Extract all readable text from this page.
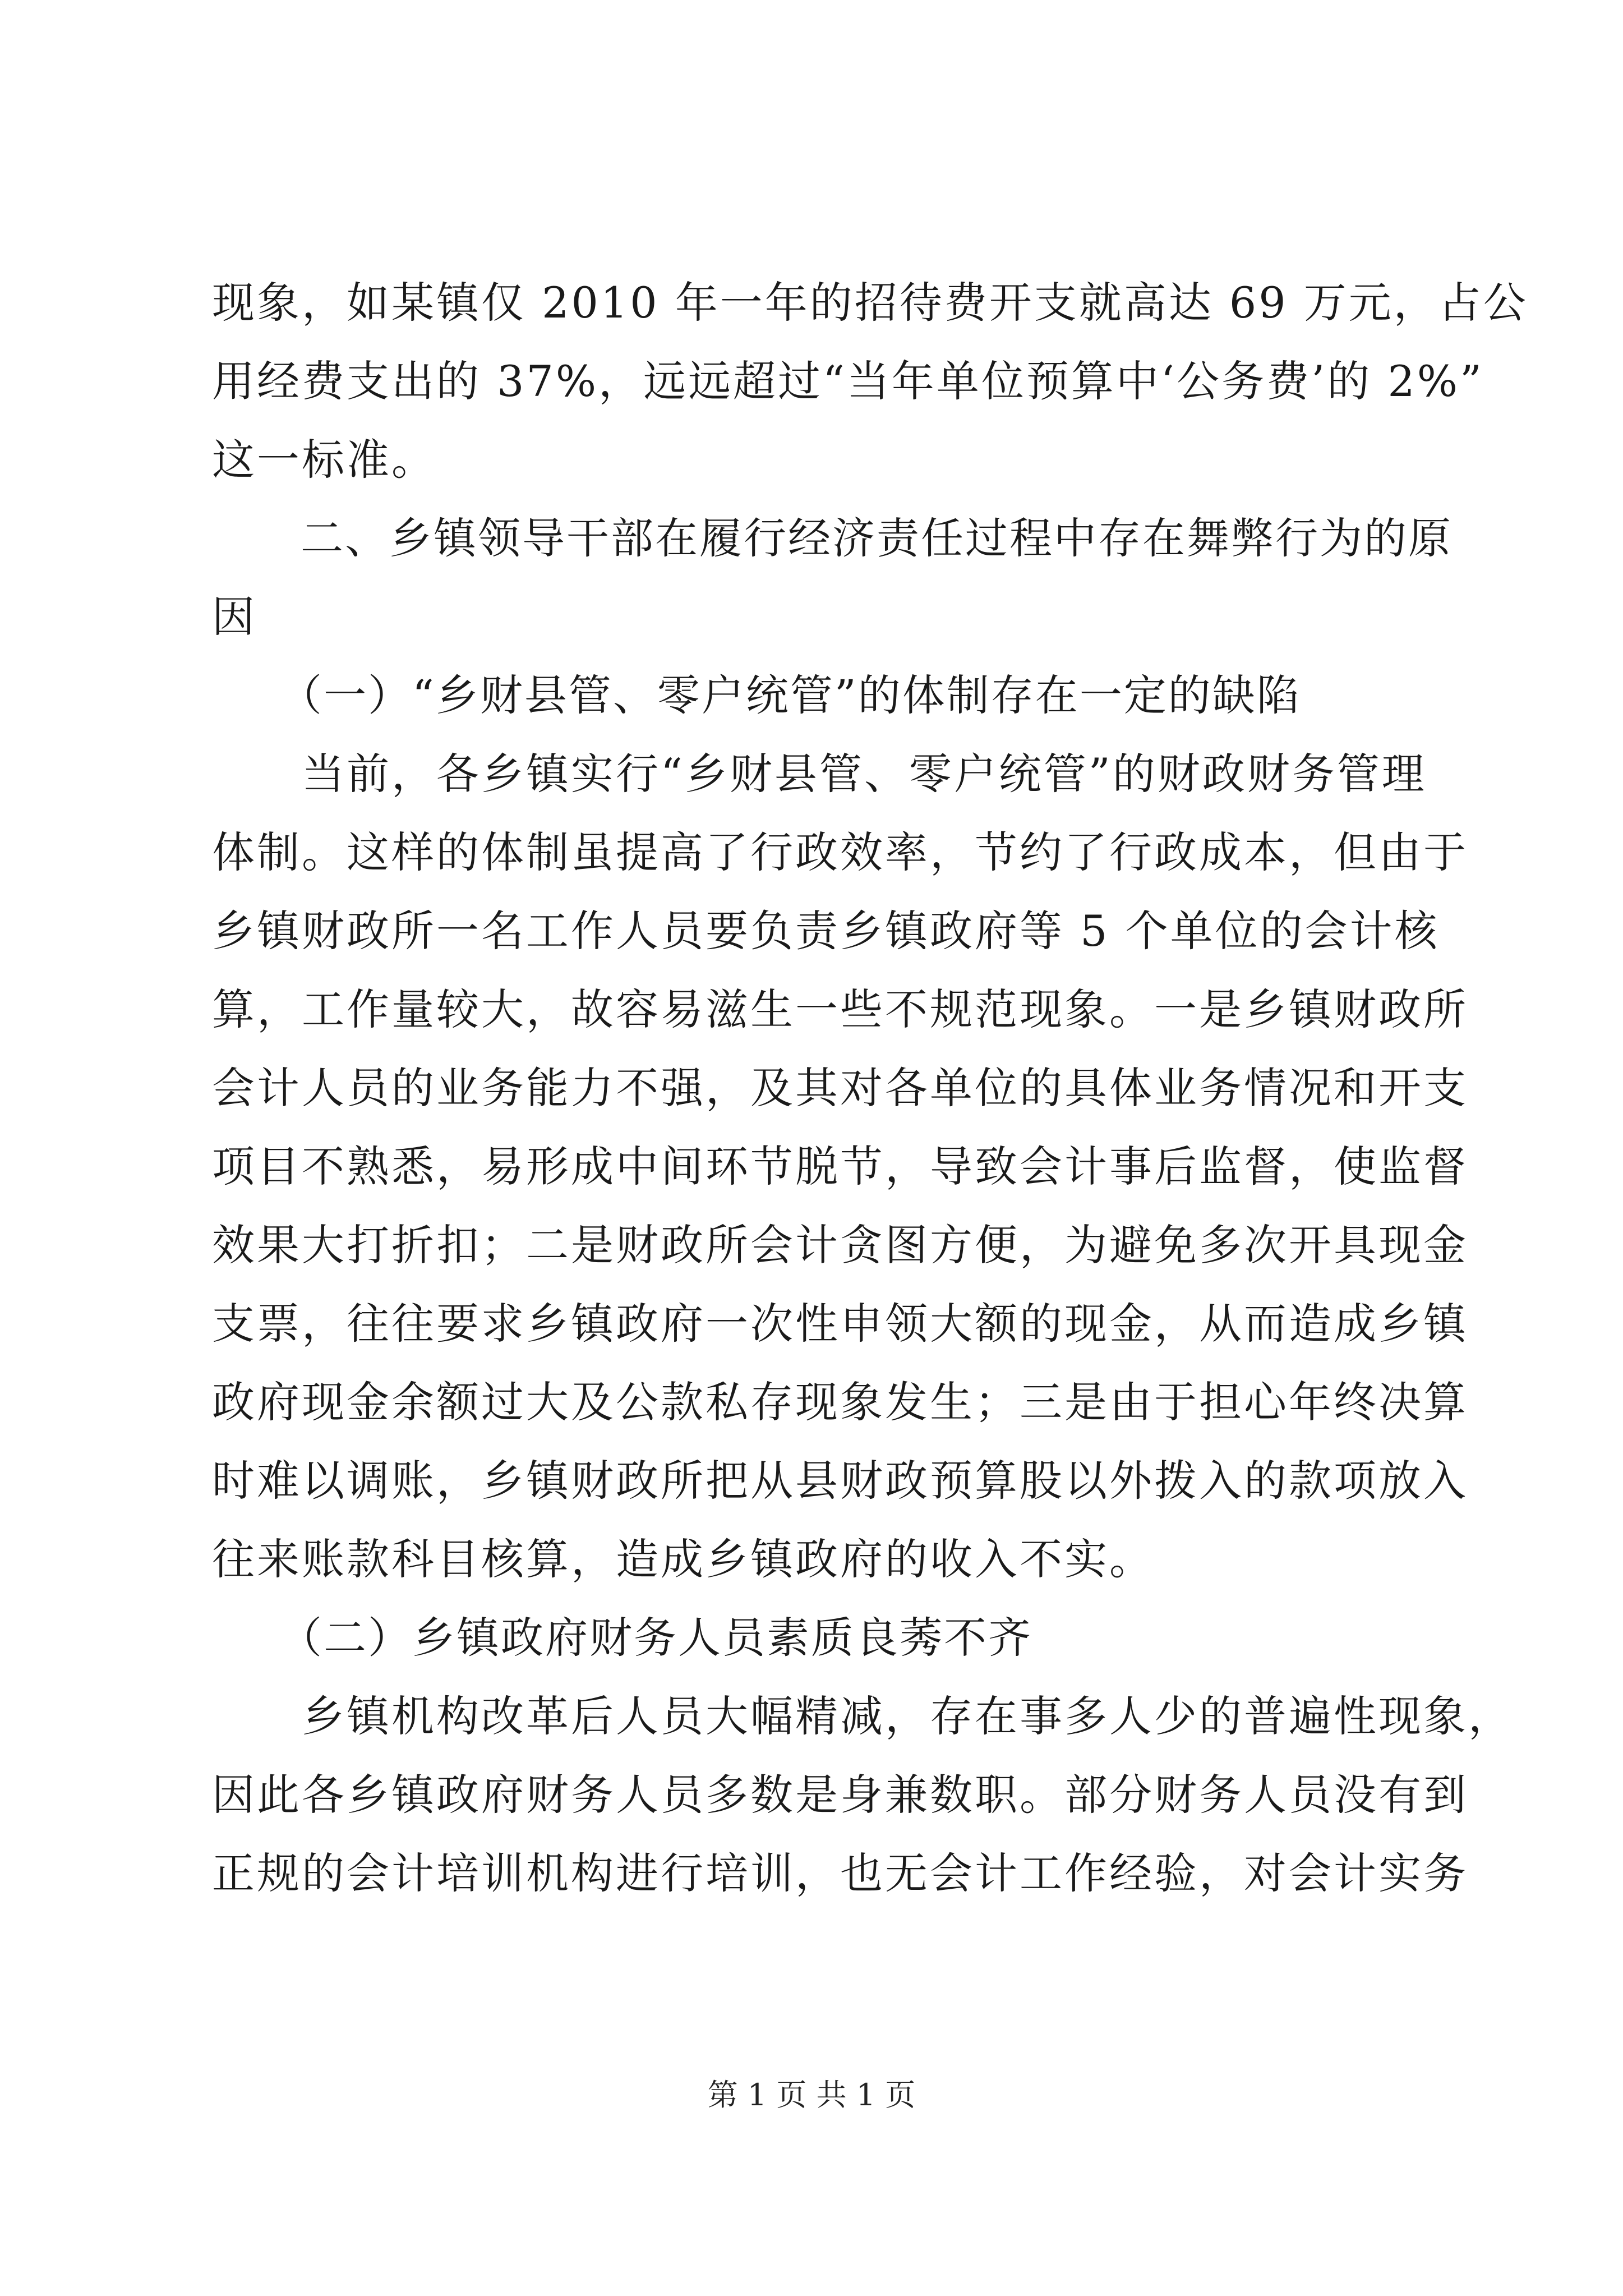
现象，如某镇仅 2010 年一年的招待费开支就高达 69 万元，占公
用经费支出的 37%，远远超过“当年单位预算中‘公务费’的 2%”
这一标准。
　　二、乡镇领导干部在履行经济责任过程中存在舞弊行为的原
因
　　（一）“乡财县管、零户统管”的体制存在一定的缺陷
　　当前，各乡镇实行“乡财县管、零户统管”的财政财务管理
体制。这样的体制虽提高了行政效率，节约了行政成本，但由于
乡镇财政所一名工作人员要负责乡镇政府等 5 个单位的会计核
算，工作量较大，故容易滋生一些不规范现象。一是乡镇财政所
会计人员的业务能力不强，及其对各单位的具体业务情况和开支
项目不熟悉，易形成中间环节脱节，导致会计事后监督，使监督
效果大打折扣；二是财政所会计贪图方便，为避免多次开具现金
支票，往往要求乡镇政府一次性申领大额的现金，从而造成乡镇
政府现金余额过大及公款私存现象发生；三是由于担心年终决算
时难以调账，乡镇财政所把从县财政预算股以外拨入的款项放入
往来账款科目核算，造成乡镇政府的收入不实。
　　（二）乡镇政府财务人员素质良莠不齐
　　乡镇机构改革后人员大幅精减，存在事多人少的普遍性现象，
因此各乡镇政府财务人员多数是身兼数职。部分财务人员没有到
正规的会计培训机构进行培训，也无会计工作经验，对会计实务
第 1 页 共 1 页
